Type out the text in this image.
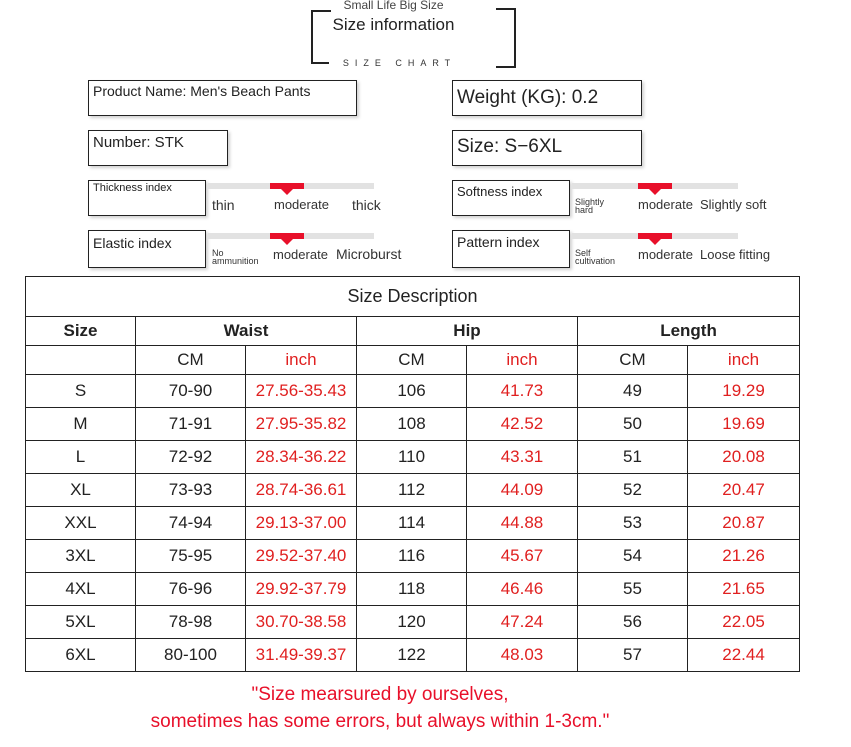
Small Life Big Size
Size information
SIZE CHART
Product Name: Men's Beach Pants
Number: STK
Weight (KG): 0.2
Size: S−6XL
Thickness index
thin	moderate thick
Elastic index
No ammunition	moderate Microburst
Softness index
Slightly hard	moderate Slightly soft
Pattern index
Self cultivation	moderate Loose fitting
Size Description						
Size	Waist		Hip		Length	
	CM	inch	CM	inch	CM	inch
S	70-90	27.56-35.43	106	41.73	49	19.29
M	71-91	27.95-35.82	108	42.52	50	19.69
L	72-92	28.34-36.22	110	43.31	51	20.08
XL	73-93	28.74-36.61	112	44.09	52	20.47
XXL	74-94	29.13-37.00	114	44.88	53	20.87
3XL	75-95	29.52-37.40	116	45.67	54	21.26
4XL	76-96	29.92-37.79	118	46.46	55	21.65
5XL	78-98	30.70-38.58	120	47.24	56	22.05
6XL	80-100	31.49-39.37	122	48.03	57	22.44
"Size mearsured by ourselves,
sometimes has some errors, but always within 1-3cm."
